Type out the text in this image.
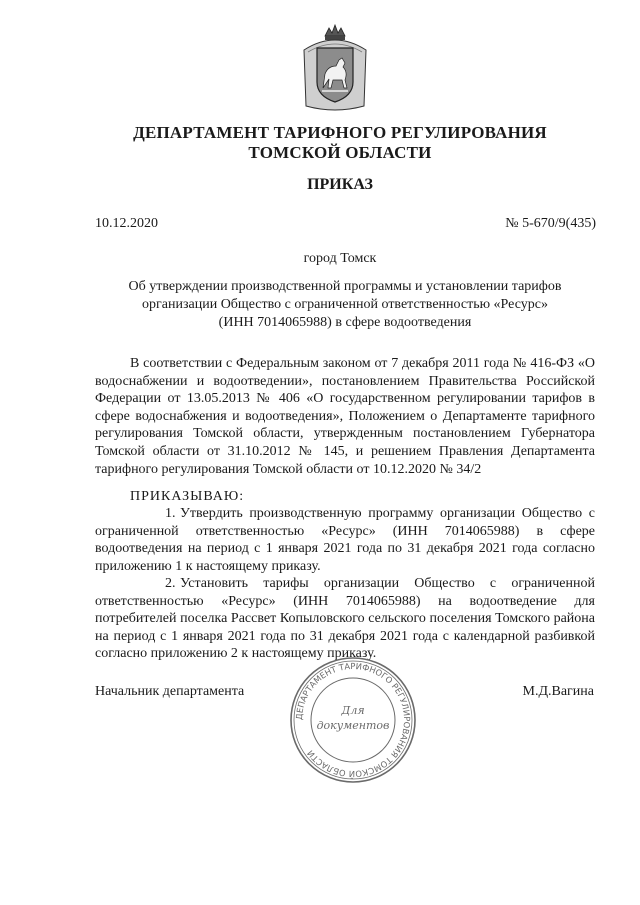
ДЕПАРТАМЕНТ ТАРИФНОГО РЕГУЛИРОВАНИЯ
ТОМСКОЙ ОБЛАСТИ
ПРИКАЗ
10.12.2020	№ 5-670/9(435)
город Томск
Об утверждении производственной программы и установлении тарифов
организации Общество с ограниченной ответственностью «Ресурс»
(ИНН 7014065988) в сфере водоотведения

В соответствии с Федеральным законом от 7 декабря 2011 года № 416-ФЗ «О водоснабжении и водоотведении», постановлением Правительства Российской Федерации от 13.05.2013 № 406 «О государственном регулировании тарифов в сфере водоснабжения и водоотведения», Положением о Департаменте тарифного регулирования Томской области, утвержденным постановлением Губернатора Томской области от 31.10.2012 № 145, и решением Правления Департамента тарифного регулирования Томской области от 10.12.2020 № 34/2

ПРИКАЗЫВАЮ:

1. Утвердить производственную программу организации Общество с ограниченной ответственностью «Ресурс» (ИНН 7014065988) в сфере водоотведения на период с 1 января 2021 года по 31 декабря 2021 года согласно приложению 1 к настоящему приказу.

2. Установить тарифы организации Общество с ограниченной ответственностью «Ресурс» (ИНН 7014065988) на водоотведение для потребителей поселка Рассвет Копыловского сельского поселения Томского района на период с 1 января 2021 года по 31 декабря 2021 года с календарной разбивкой согласно приложению 2 к настоящему приказу.

Начальник департамента	М.Д.Вагина
ДЕПАРТАМЕНТ ТАРИФНОГО РЕГУЛИРОВАНИЯ ТОМСКОЙ ОБЛАСТИ
Для
документов
